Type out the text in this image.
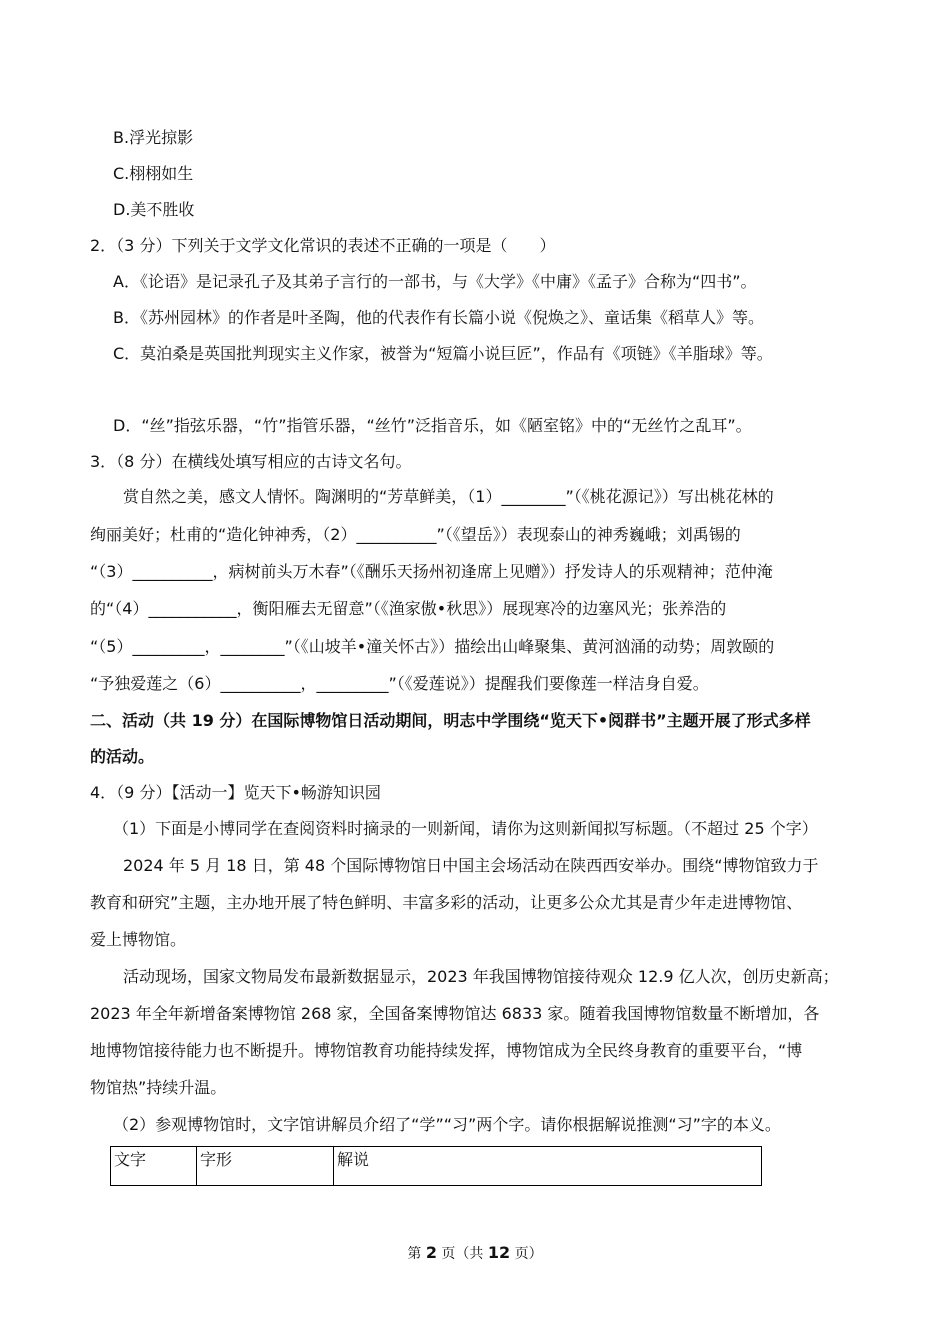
B.浮光掠影
C.栩栩如生
D.美不胜收
2．（3 分）下列关于文学文化常识的表述不正确的一项是（　　）
A．《论语》是记录孔子及其弟子言行的一部书，与《大学》《中庸》《孟子》合称为“四书”。
B．《苏州园林》的作者是叶圣陶，他的代表作有长篇小说《倪焕之》、童话集《稻草人》等。
C．莫泊桑是英国批判现实主义作家，被誉为“短篇小说巨匠”，作品有《项链》《羊脂球》等。
D．“丝”指弦乐器，“竹”指管乐器，“丝竹”泛指音乐，如《陋室铭》中的“无丝竹之乱耳”。
3．（8 分）在横线处填写相应的古诗文名句。
赏自然之美，感文人情怀。陶渊明的“芳草鲜美，（1）________”（《桃花源记》）写出桃花林的
绚丽美好；杜甫的“造化钟神秀，（2）__________”（《望岳》）表现泰山的神秀巍峨；刘禹锡的
“（3）__________，病树前头万木春”（《酬乐天扬州初逢席上见赠》）抒发诗人的乐观精神；范仲淹
的“（4）___________，衡阳雁去无留意”（《渔家傲•秋思》）展现寒冷的边塞风光；张养浩的
“（5）_________，________”（《山坡羊•潼关怀古》）描绘出山峰聚集、黄河汹涌的动势；周敦颐的
“予独爱莲之（6）__________，_________”（《爱莲说》）提醒我们要像莲一样洁身自爱。
二、活动（共 19 分）在国际博物馆日活动期间，明志中学围绕“览天下•阅群书”主题开展了形式多样
的活动。
4．（9 分）【活动一】览天下•畅游知识园
（1）下面是小博同学在查阅资料时摘录的一则新闻，请你为这则新闻拟写标题。（不超过 25 个字）
2024 年 5 月 18 日，第 48 个国际博物馆日中国主会场活动在陕西西安举办。围绕“博物馆致力于
教育和研究”主题，主办地开展了特色鲜明、丰富多彩的活动，让更多公众尤其是青少年走进博物馆、
爱上博物馆。
活动现场，国家文物局发布最新数据显示，2023 年我国博物馆接待观众 12.9 亿人次，创历史新高；
2023 年全年新增备案博物馆 268 家，全国备案博物馆达 6833 家。随着我国博物馆数量不断增加，各
地博物馆接待能力也不断提升。博物馆教育功能持续发挥，博物馆成为全民终身教育的重要平台，“博
物馆热”持续升温。
（2）参观博物馆时，文字馆讲解员介绍了“学”“习”两个字。请你根据解说推测“习”字的本义。
文字	字形	解说
第 2 页（共 12 页）
